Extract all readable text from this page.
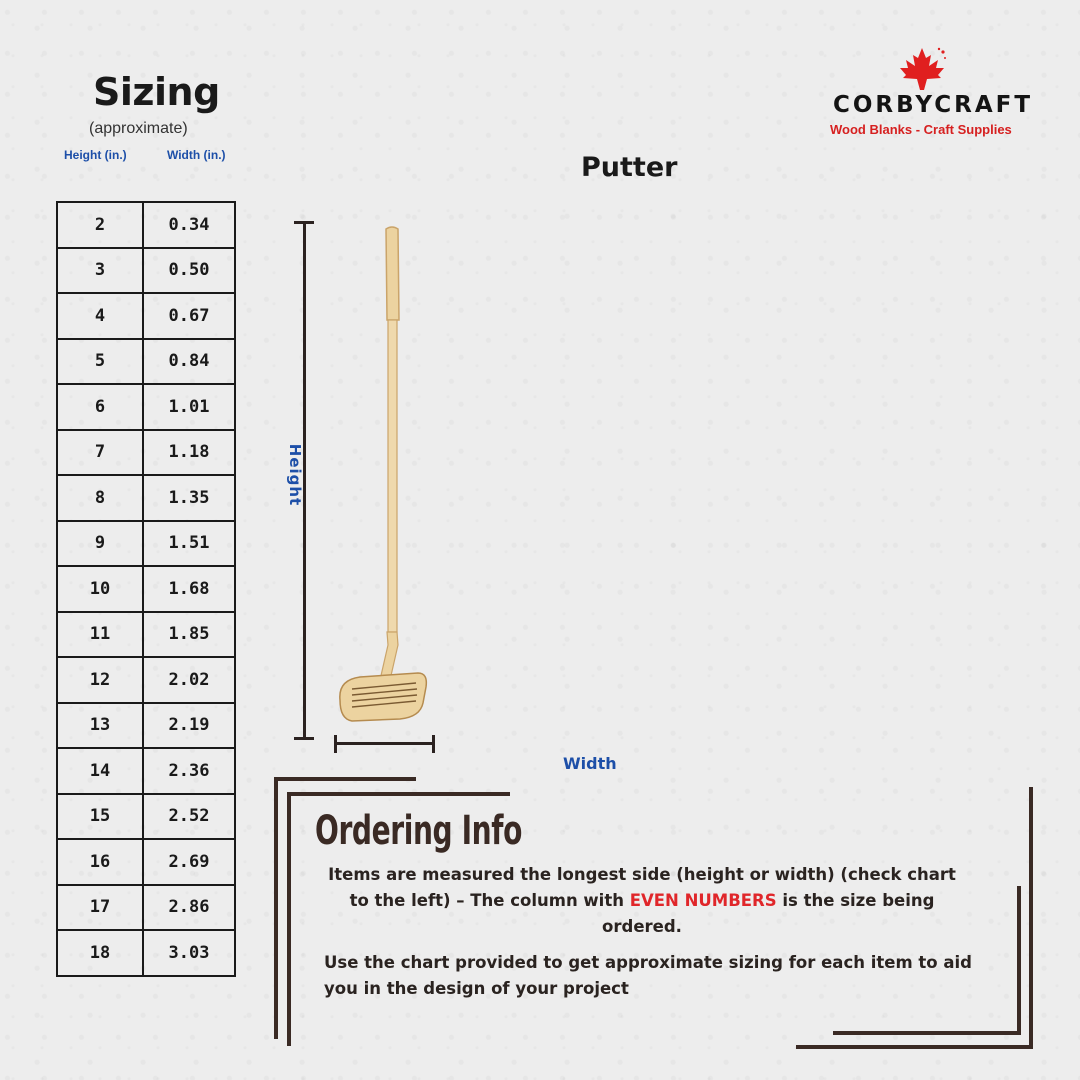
Sizing
(approximate)
Height (in.)	Width (in.)
2	0.34
3	0.50
4	0.67
5	0.84
6	1.01
7	1.18
8	1.35
9	1.51
10	1.68
11	1.85
12	2.02
13	2.19
14	2.36
15	2.52
16	2.69
17	2.86
18	3.03
Putter
Height
Width
CORBYCRAFT
Wood Blanks - Craft Supplies
Ordering Info
Items are measured the longest side (height or width) (check chart to the left) – The column with EVEN NUMBERS is the size being ordered.
Use the chart provided to get approximate sizing for each item to aid you in the design of your project
